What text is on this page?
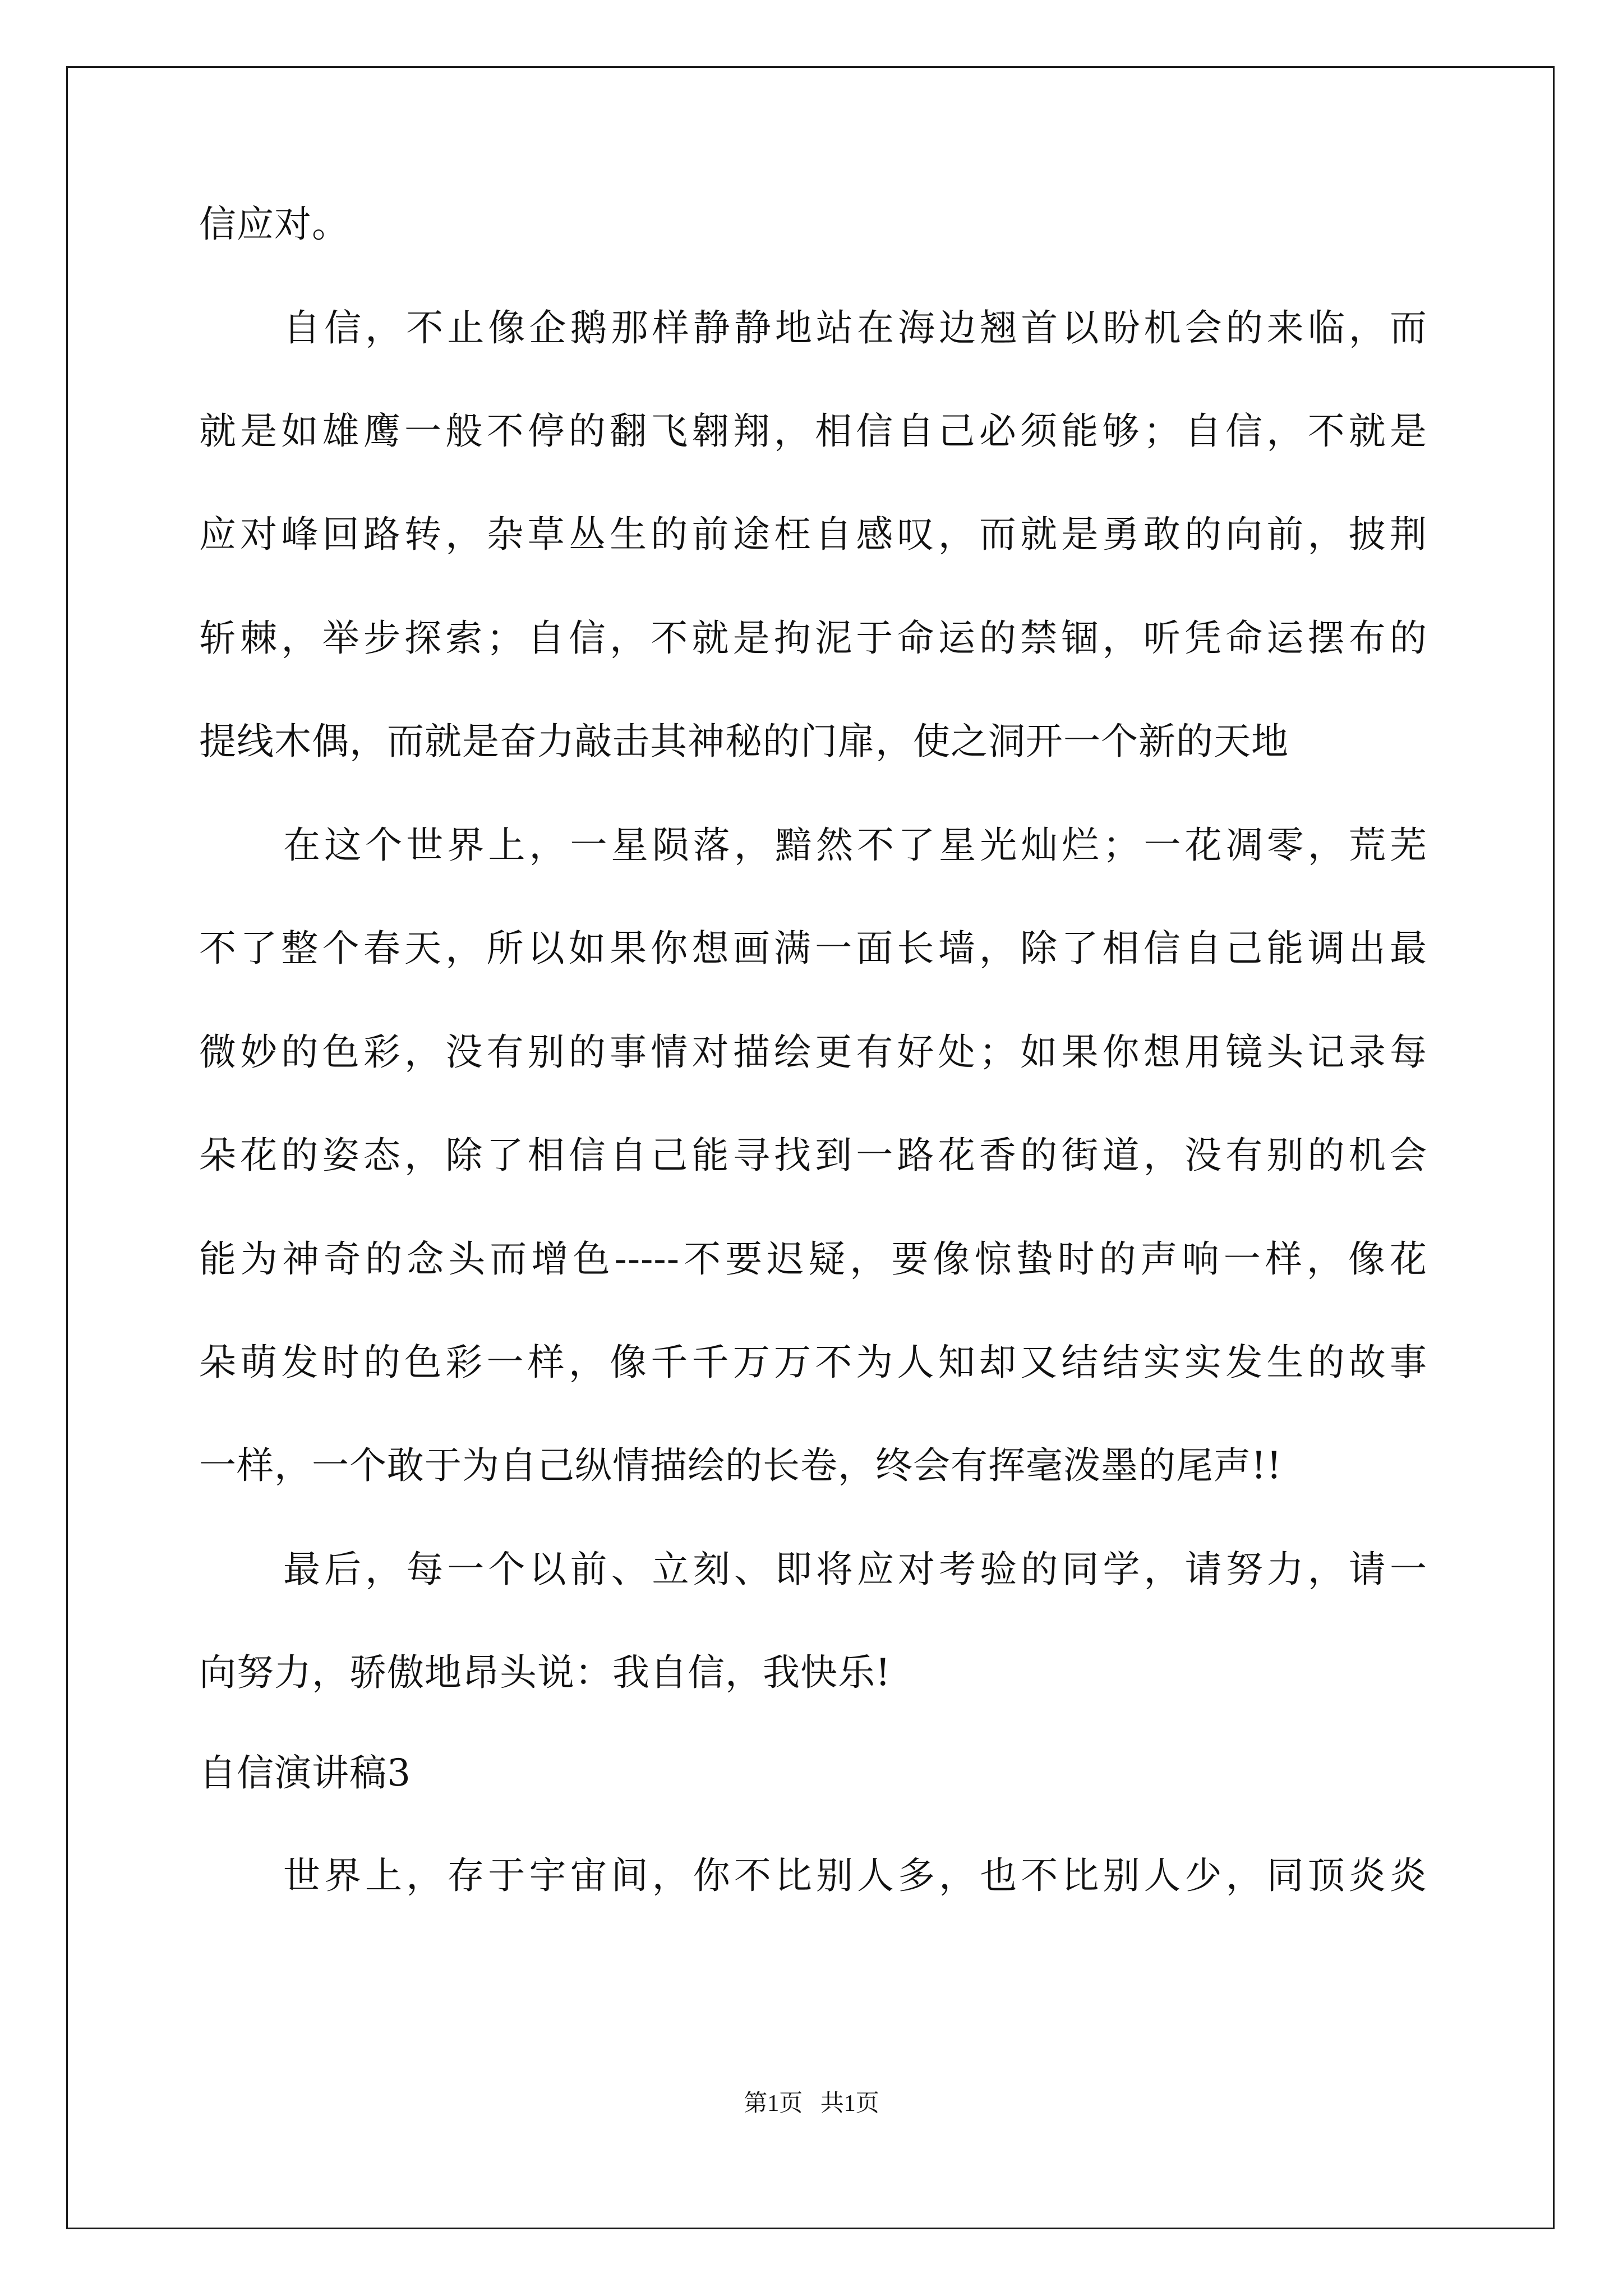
信应对。
自信，不止像企鹅那样静静地站在海边翘首以盼机会的来临，而
就是如雄鹰一般不停的翻飞翱翔，相信自己必须能够；自信，不就是
应对峰回路转，杂草丛生的前途枉自感叹，而就是勇敢的向前，披荆
斩棘，举步探索；自信，不就是拘泥于命运的禁锢，听凭命运摆布的
提线木偶，而就是奋力敲击其神秘的门扉，使之洞开一个新的天地
在这个世界上，一星陨落，黯然不了星光灿烂；一花凋零，荒芜
不了整个春天，所以如果你想画满一面长墙，除了相信自己能调出最
微妙的色彩，没有别的事情对描绘更有好处；如果你想用镜头记录每
朵花的姿态，除了相信自己能寻找到一路花香的街道，没有别的机会
能为神奇的念头而增色-----不要迟疑，要像惊蛰时的声响一样，像花
朵萌发时的色彩一样，像千千万万不为人知却又结结实实发生的故事
一样，一个敢于为自己纵情描绘的长卷，终会有挥毫泼墨的尾声!!
最后，每一个以前、立刻、即将应对考验的同学，请努力，请一
向努力，骄傲地昂头说：我自信，我快乐!
自信演讲稿3
世界上，存于宇宙间，你不比别人多，也不比别人少，同顶炎炎
第1页   共1页
